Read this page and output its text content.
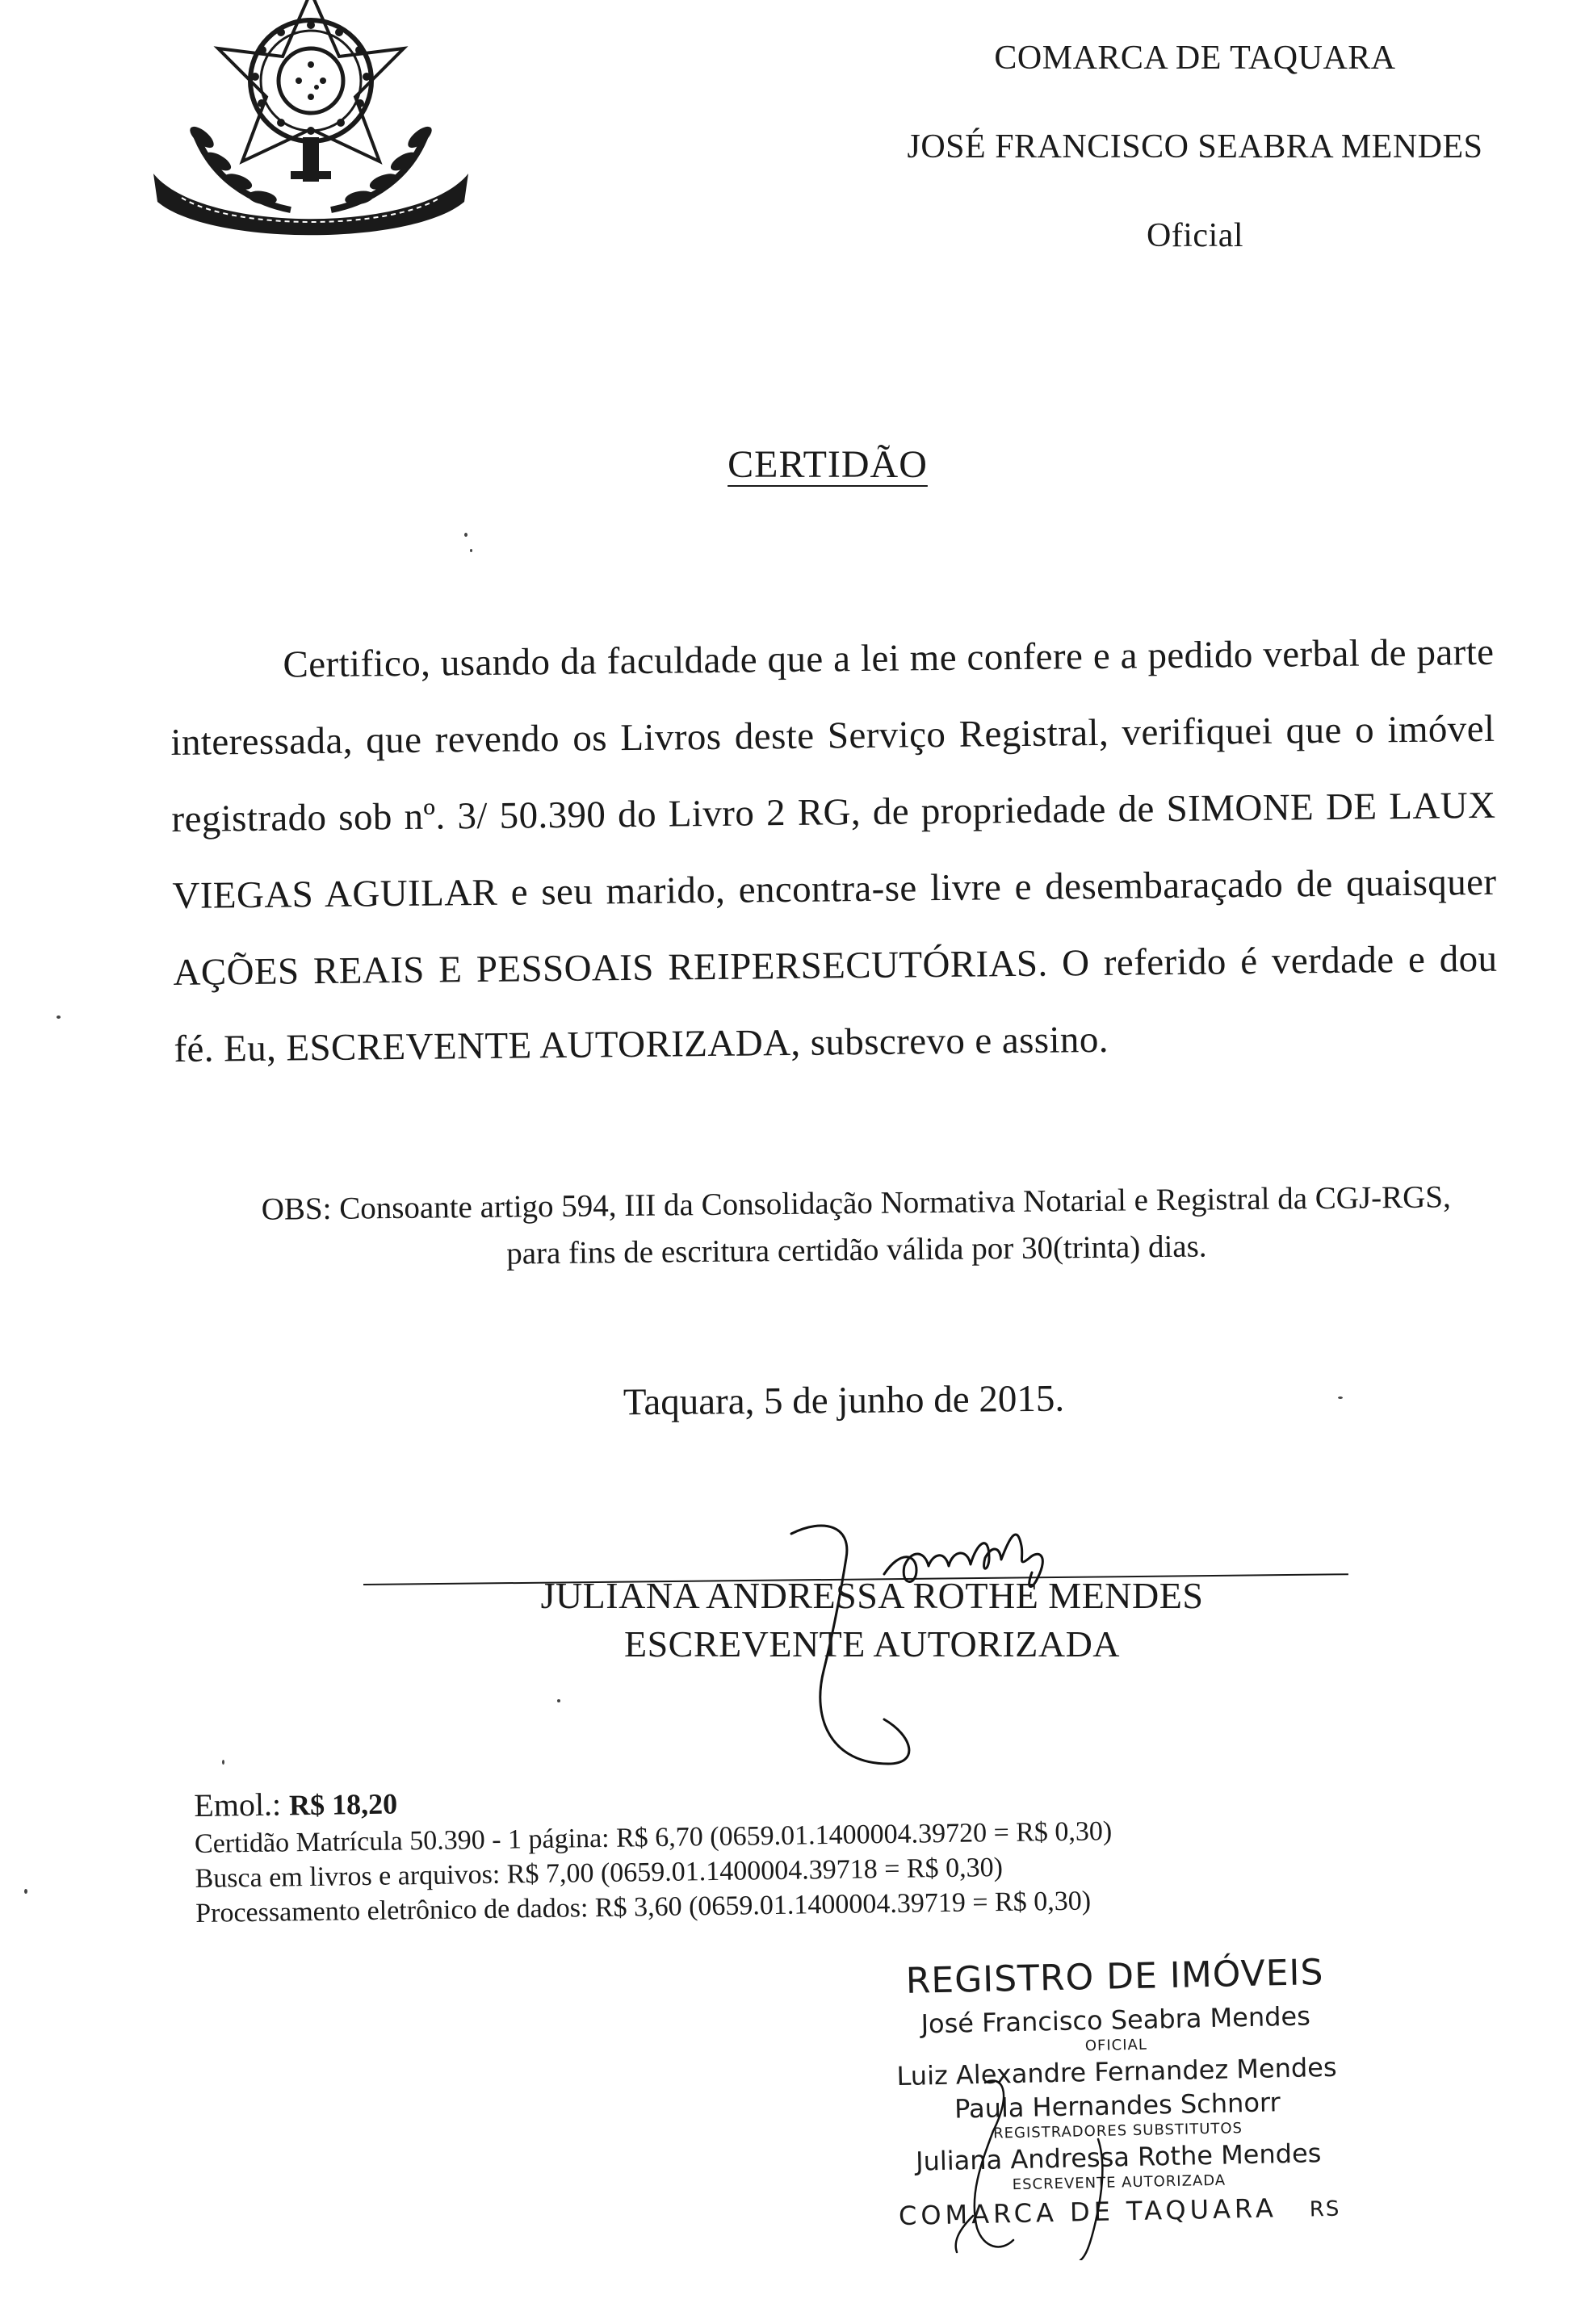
COMARCA DE TAQUARA
JOSÉ FRANCISCO SEABRA MENDES
Oficial
CERTIDÃO
Certifico, usando da faculdade que a lei me confere e a pedido verbal de parte interessada, que revendo os Livros deste Serviço Registral, verifiquei que o imóvel registrado sob nº. 3/ 50.390 do Livro 2 RG, de propriedade de SIMONE DE LAUX VIEGAS AGUILAR e seu marido, encontra-se livre e desembaraçado de quaisquer AÇÕES REAIS E PESSOAIS REIPERSECUTÓRIAS. O referido é verdade e dou fé. Eu, ESCREVENTE AUTORIZADA, subscrevo e assino.
OBS: Consoante artigo 594, III da Consolidação Normativa Notarial e Registral da CGJ-RGS, para fins de escritura certidão válida por 30(trinta) dias.
Taquara, 5 de junho de 2015.
JULIANA ANDRESSA ROTHE MENDES
ESCREVENTE AUTORIZADA
Emol.: R$ 18,20
Certidão Matrícula 50.390 - 1 página: R$ 6,70 (0659.01.1400004.39720 = R$ 0,30)
Busca em livros e arquivos: R$ 7,00 (0659.01.1400004.39718 = R$ 0,30)
Processamento eletrônico de dados: R$ 3,60 (0659.01.1400004.39719 = R$ 0,30)
REGISTRO DE IMÓVEIS
José Francisco Seabra Mendes
OFICIAL
Luiz Alexandre Fernandez Mendes
Paula Hernandes Schnorr
REGISTRADORES SUBSTITUTOS
Juliana Andressa Rothe Mendes
ESCREVENTE AUTORIZADA
COMARCA DE TAQUARA RS
